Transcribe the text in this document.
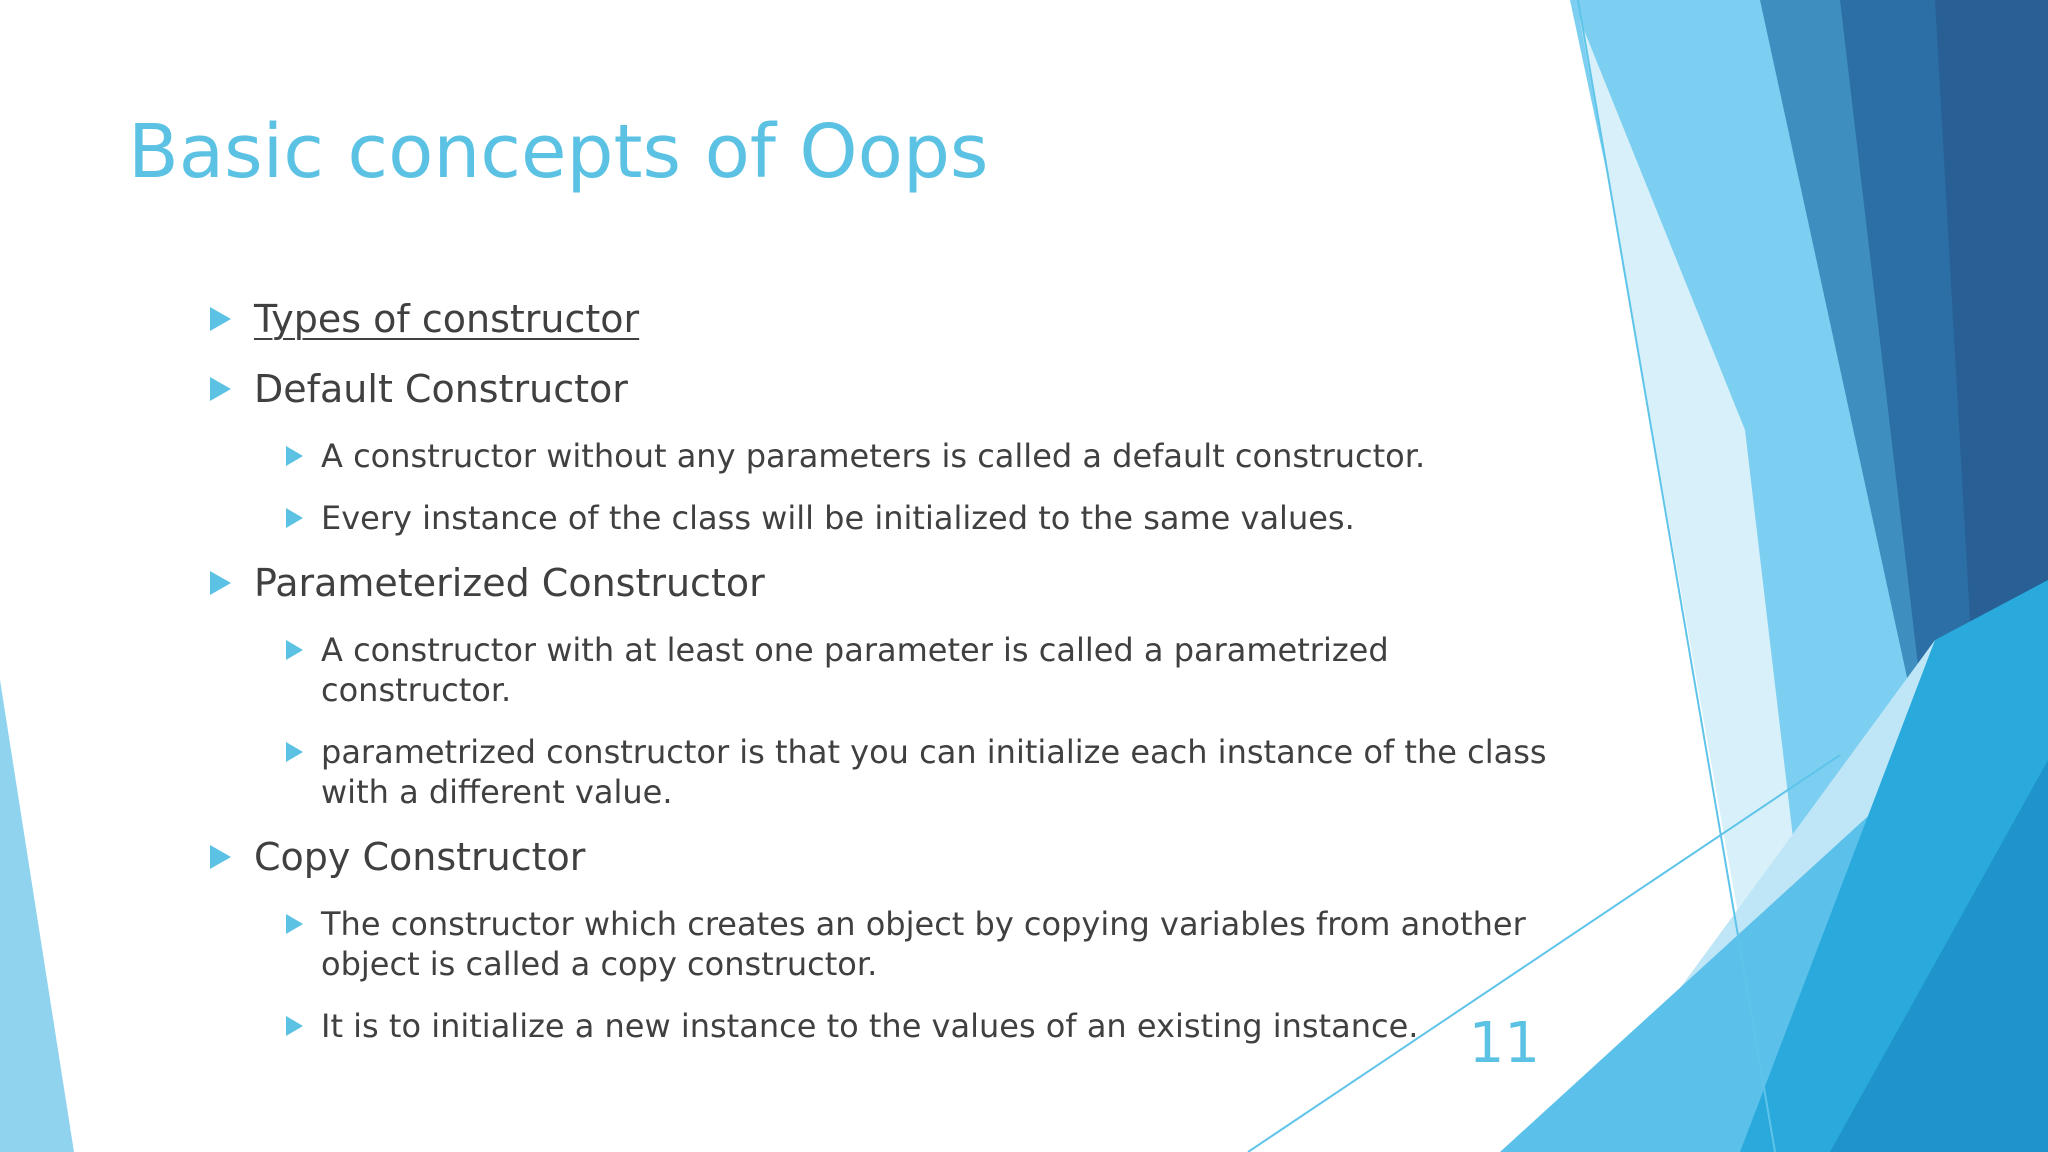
Basic concepts of Oops
Types of constructor
Default Constructor
A constructor without any parameters is called a default constructor.
Every instance of the class will be initialized to the same values.
Parameterized Constructor
A constructor with at least one parameter is called a parametrized constructor.
parametrized constructor is that you can initialize each instance of the class with a different value.
Copy Constructor
The constructor which creates an object by copying variables from another object is called a copy constructor.
It is to initialize a new instance to the values of an existing instance. 11
